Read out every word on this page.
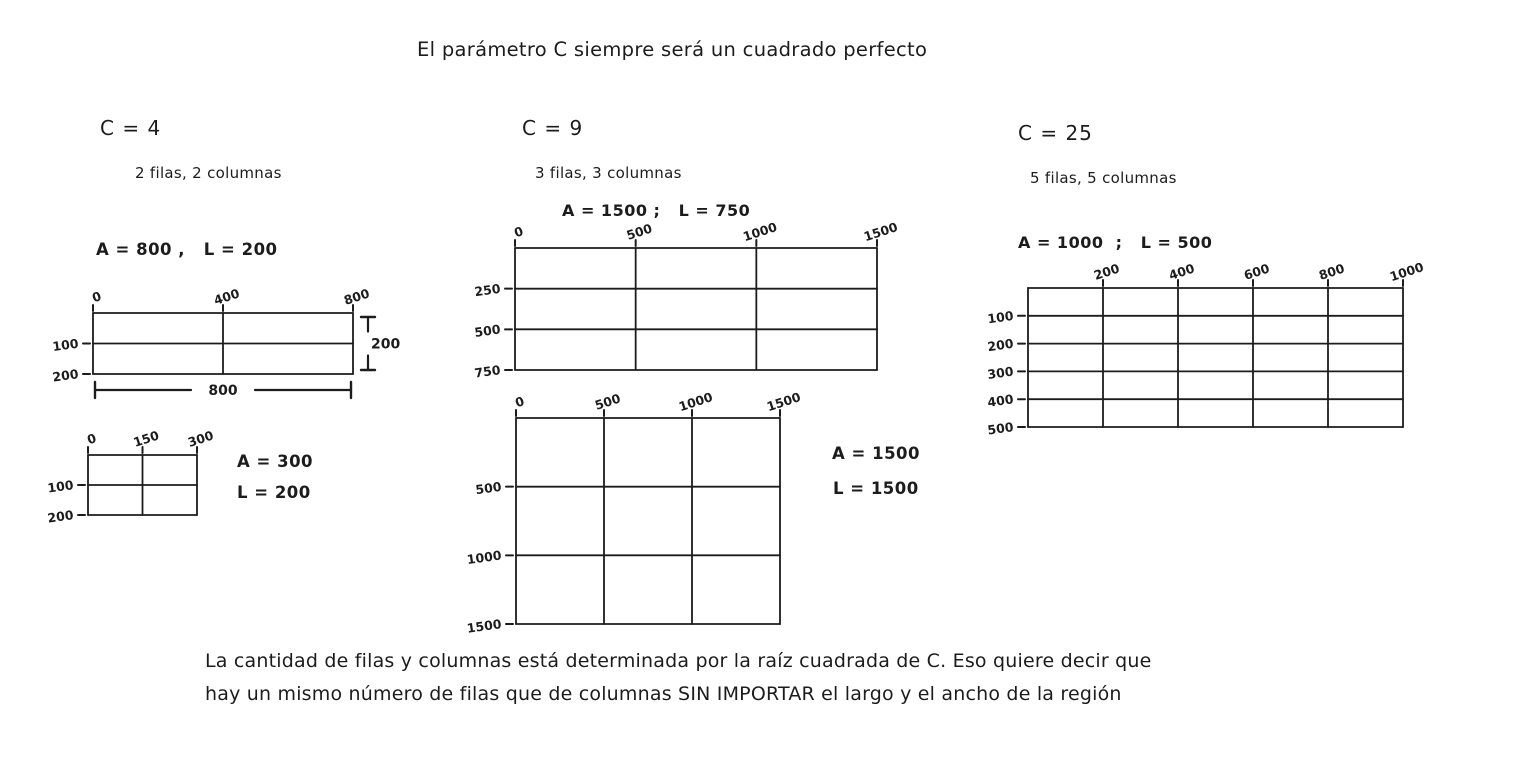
El parámetro C siempre será un cuadrado perfecto
C = 4
2 filas, 2 columnas
A = 800 ,   L = 200
C = 9
3 filas, 3 columnas
A = 1500 ;   L = 750
C = 25
5 filas, 5 columnas
A = 1000  ;   L = 500
0	400	800
100
200
800
200
0	150 300
100
200
0	500	1000	1500
250
500
750
0	500	1000	1500
500
1000
1500
200	400	600	800	1000
100
200
300
400
500
A = 300
L = 200
A = 1500
L = 1500
La cantidad de filas y columnas está determinada por la raíz cuadrada de C. Eso quiere decir que
hay un mismo número de filas que de columnas SIN IMPORTAR el largo y el ancho de la región
